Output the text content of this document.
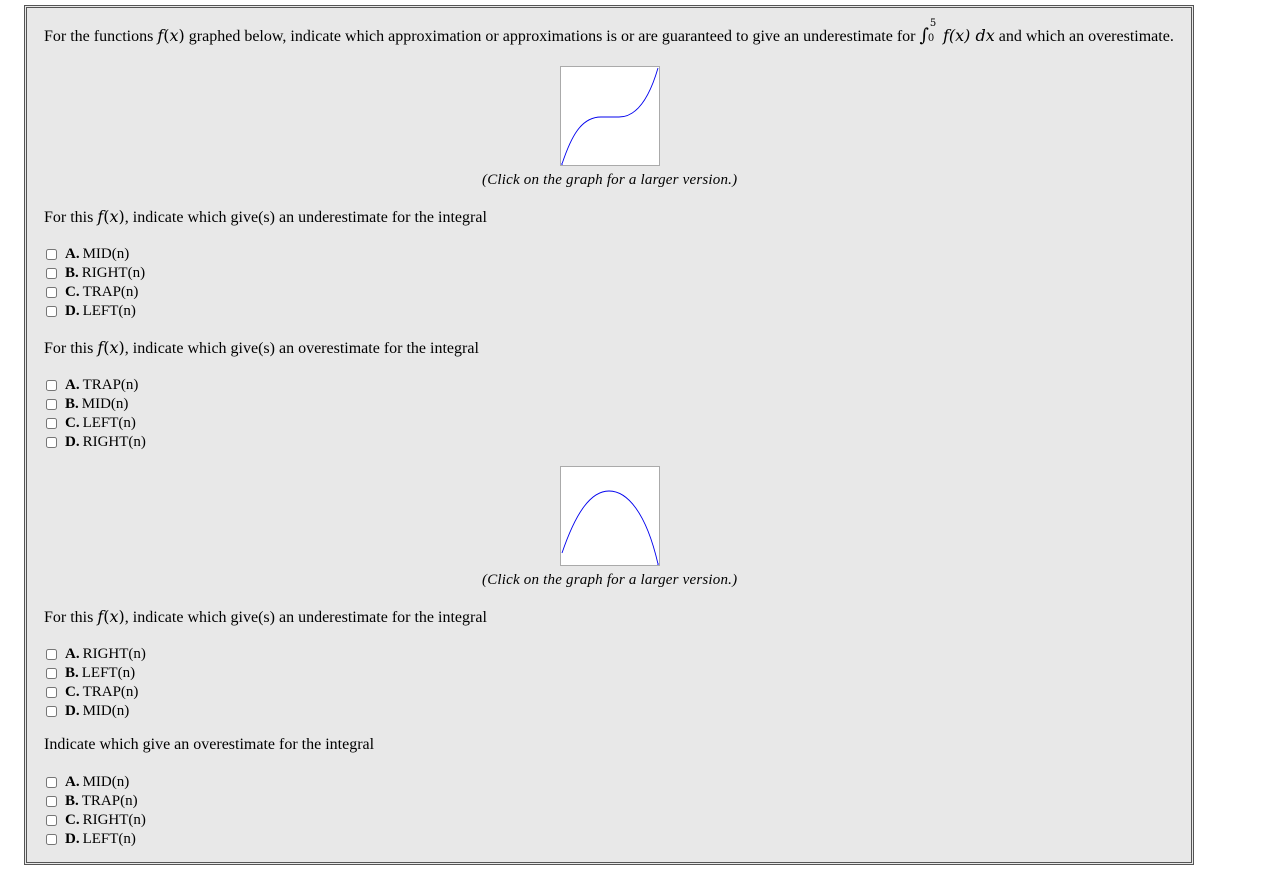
For the functions f(x) graphed below, indicate which approximation or approximations is or are guaranteed to give an underestimate for ∫
5
0 f(x) dx and which an overestimate.
(Click on the graph for a larger version.)
For this f(x), indicate which give(s) an underestimate for the integral
A. MID(n)
B. RIGHT(n)
C. TRAP(n)
D. LEFT(n)
For this f(x), indicate which give(s) an overestimate for the integral
A. TRAP(n)
B. MID(n)
C. LEFT(n)
D. RIGHT(n)
(Click on the graph for a larger version.)
For this f(x), indicate which give(s) an underestimate for the integral
A. RIGHT(n)
B. LEFT(n)
C. TRAP(n)
D. MID(n)
Indicate which give an overestimate for the integral
A. MID(n)
B. TRAP(n)
C. RIGHT(n)
D. LEFT(n)
